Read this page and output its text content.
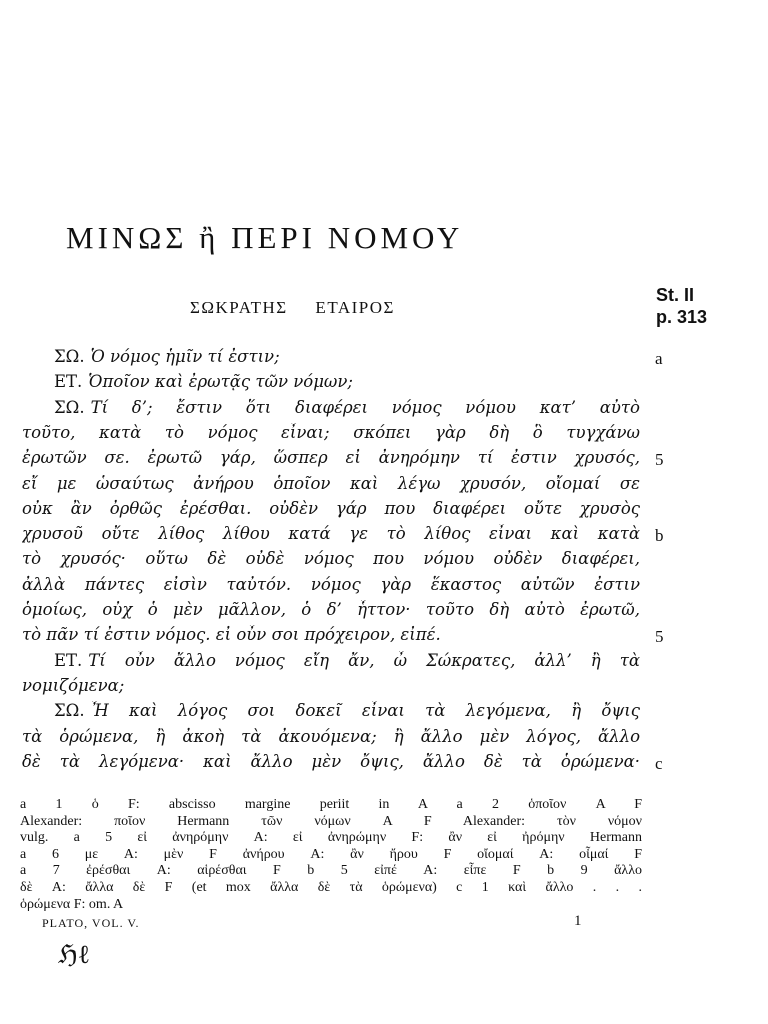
ΜΙΝΩΣ ἢ ΠΕΡΙ ΝΟΜΟΥ
ΣΩΚΡΑΤΗΣ ΕΤΑΙΡΟΣ
St. II
p. 313
ΣΩ. Ὁ νόμος ἡμῖν τί ἐστιν;	a
ΕΤ. Ὁποῖον καὶ ἐρωτᾷς τῶν νόμων;
ΣΩ. Τί δ’; ἔστιν ὅτι διαφέρει νόμος νόμου κατ’ αὐτὸ
τοῦτο, κατὰ τὸ νόμος εἶναι; σκόπει γὰρ δὴ ὃ τυγχάνω
ἐρωτῶν σε. ἐρωτῶ γάρ, ὥσπερ εἰ ἀνηρόμην τί ἐστιν χρυσός, 5
εἴ με ὡσαύτως ἀνήρου ὁποῖον καὶ λέγω χρυσόν, οἴομαί σε
οὐκ ἂν ὀρθῶς ἐρέσθαι. οὐδὲν γάρ που διαφέρει οὔτε χρυσὸς
χρυσοῦ οὔτε λίθος λίθου κατά γε τὸ λίθος εἶναι καὶ κατὰ b
τὸ χρυσός· οὕτω δὲ οὐδὲ νόμος που νόμου οὐδὲν διαφέρει,
ἀλλὰ πάντες εἰσὶν ταὐτόν. νόμος γὰρ ἕκαστος αὐτῶν ἐστιν
ὁμοίως, οὐχ ὁ μὲν μᾶλλον, ὁ δ’ ἧττον· τοῦτο δὴ αὐτὸ ἐρωτῶ,
τὸ πᾶν τί ἐστιν νόμος. εἰ οὖν σοι πρόχειρον, εἰπέ.	5
ΕΤ. Τί οὖν ἄλλο νόμος εἴη ἄν, ὦ Σώκρατες, ἀλλ’ ἢ τὰ
νομιζόμενα;
ΣΩ. Ἦ καὶ λόγος σοι δοκεῖ εἶναι τὰ λεγόμενα, ἢ ὄψις
τὰ ὁρώμενα, ἢ ἀκοὴ τὰ ἀκουόμενα; ἢ ἄλλο μὲν λόγος, ἄλλο
δὲ τὰ λεγόμενα· καὶ ἄλλο μὲν ὄψις, ἄλλο δὲ τὰ ὁρώμενα· c
a 1 ὁ F: abscisso margine periit in A a 2 ὁποῖον A F
Alexander: ποῖον Hermann τῶν νόμων A F Alexander: τὸν νόμον
vulg. a 5 εἰ ἀνηρόμην A: εἰ ἀνηρώμην F: ἂν εἰ ἠρόμην Hermann
a 6 με A: μὲν F ἀνήρου A: ἂν ἤρου F οἴομαί A: οἶμαί F
a 7 ἐρέσθαι A: αἱρέσθαι F b 5 εἰπέ A: εἶπε F b 9 ἄλλο
δὲ A: ἄλλα δὲ F (et mox ἄλλα δὲ τὰ ὁρώμενα) c 1 καὶ ἄλλο . . .
ὁρώμενα F: om. A
PLATO, VOL. V.	1
ℌℓ
